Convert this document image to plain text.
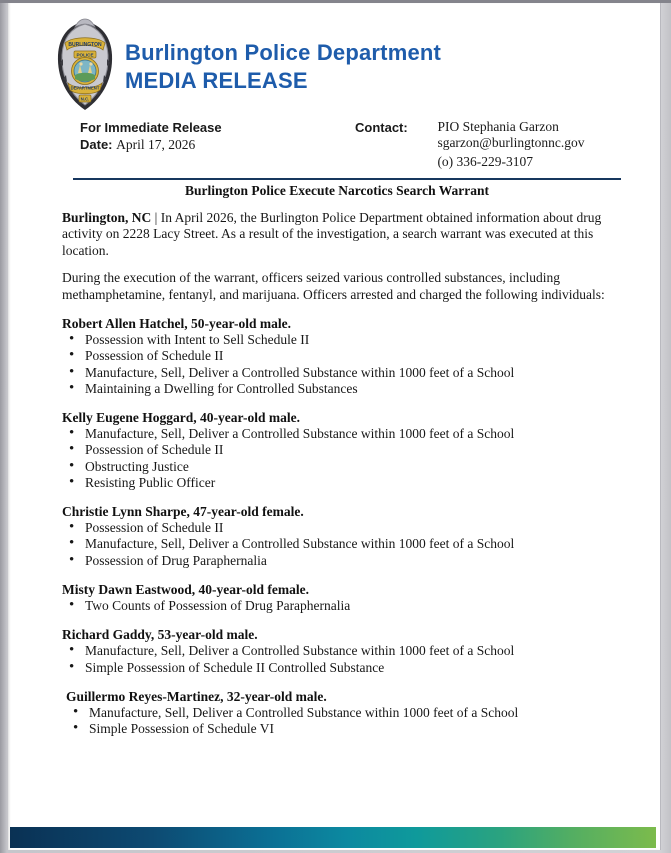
BURLINGTON
POLICE
DEPARTMENT
N.C.
Burlington Police Department
MEDIA RELEASE
For Immediate Release
Date: April 17, 2026
Contact:	PIO Stephania Garzon
sgarzon@burlingtonnc.gov
(o) 336-229-3107
Burlington Police Execute Narcotics Search Warrant

Burlington, NC | In April 2026, the Burlington Police Department obtained information about drug activity on 2228 Lacy Street. As a result of the investigation, a search warrant was executed at this location.

During the execution of the warrant, officers seized various controlled substances, including methamphetamine, fentanyl, and marijuana. Officers arrested and charged the following individuals:

Robert Allen Hatchel, 50-year-old male.
• Possession with Intent to Sell Schedule II
• Possession of Schedule II
• Manufacture, Sell, Deliver a Controlled Substance within 1000 feet of a School
• Maintaining a Dwelling for Controlled Substances
Kelly Eugene Hoggard, 40-year-old male.
• Manufacture, Sell, Deliver a Controlled Substance within 1000 feet of a School
• Possession of Schedule II
• Obstructing Justice
• Resisting Public Officer
Christie Lynn Sharpe, 47-year-old female.
• Possession of Schedule II
• Manufacture, Sell, Deliver a Controlled Substance within 1000 feet of a School
• Possession of Drug Paraphernalia
Misty Dawn Eastwood, 40-year-old female.
• Two Counts of Possession of Drug Paraphernalia
Richard Gaddy, 53-year-old male.
• Manufacture, Sell, Deliver a Controlled Substance within 1000 feet of a School
• Simple Possession of Schedule II Controlled Substance
Guillermo Reyes-Martinez, 32-year-old male.
• Manufacture, Sell, Deliver a Controlled Substance within 1000 feet of a School
• Simple Possession of Schedule VI
